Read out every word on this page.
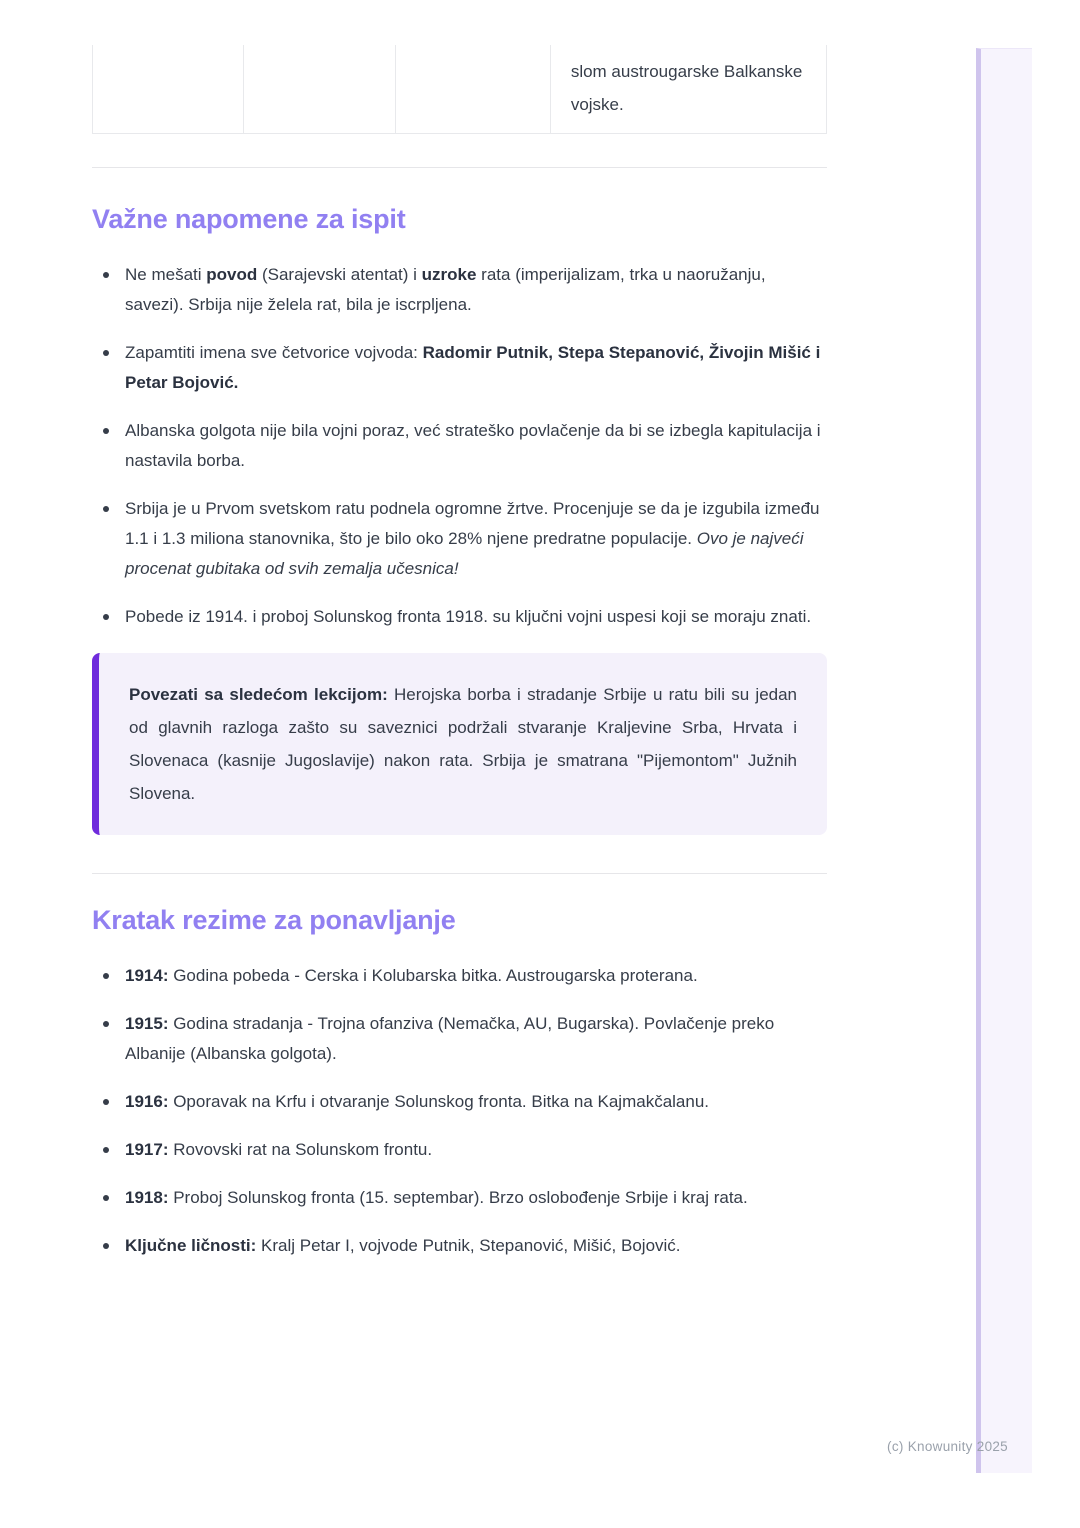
slom austrougarske Balkanske vojske.
Važne napomene za ispit
Ne mešati povod (Sarajevski atentat) i uzroke rata (imperijalizam, trka u naoružanju, savezi). Srbija nije želela rat, bila je iscrpljena.
Zapamtiti imena sve četvorice vojvoda: Radomir Putnik, Stepa Stepanović, Živojin Mišić i Petar Bojović.
Albanska golgota nije bila vojni poraz, već strateško povlačenje da bi se izbegla kapitulacija i nastavila borba.
Srbija je u Prvom svetskom ratu podnela ogromne žrtve. Procenjuje se da je izgubila između 1.1 i 1.3 miliona stanovnika, što je bilo oko 28% njene predratne populacije. Ovo je najveći procenat gubitaka od svih zemalja učesnica!
Pobede iz 1914. i proboj Solunskog fronta 1918. su ključni vojni uspesi koji se moraju znati.

Povezati sa sledećom lekcijom: Herojska borba i stradanje Srbije u ratu bili su jedan od glavnih razloga zašto su saveznici podržali stvaranje Kraljevine Srba, Hrvata i Slovenaca (kasnije Jugoslavije) nakon rata. Srbija je smatrana "Pijemontom" Južnih Slovena.

Kratak rezime za ponavljanje
1914: Godina pobeda - Cerska i Kolubarska bitka. Austrougarska proterana.
1915: Godina stradanja - Trojna ofanziva (Nemačka, AU, Bugarska). Povlačenje preko Albanije (Albanska golgota).
1916: Oporavak na Krfu i otvaranje Solunskog fronta. Bitka na Kajmakčalanu.
1917: Rovovski rat na Solunskom frontu.
1918: Proboj Solunskog fronta (15. septembar). Brzo oslobođenje Srbije i kraj rata.
Ključne ličnosti: Kralj Petar I, vojvode Putnik, Stepanović, Mišić, Bojović.
(c) Knowunity 2025
